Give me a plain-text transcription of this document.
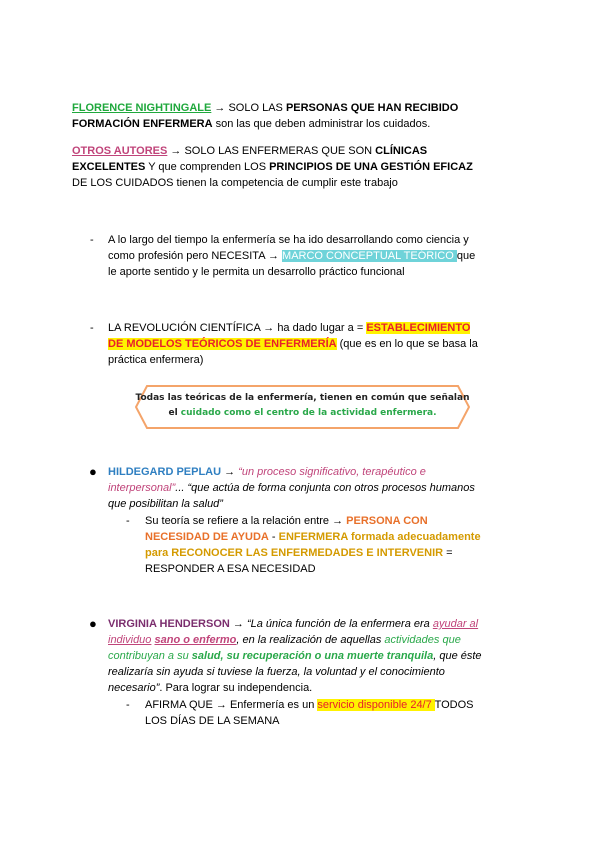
FLORENCE NIGHTINGALE → SOLO LAS PERSONAS QUE HAN RECIBIDO
FORMACIÓN ENFERMERA son las que deben administrar los cuidados.
OTROS AUTORES → SOLO LAS ENFERMERAS QUE SON CLÍNICAS
EXCELENTES Y que comprenden LOS PRINCIPIOS DE UNA GESTIÓN EFICAZ
DE LOS CUIDADOS tienen la competencia de cumplir este trabajo
-	A lo largo del tiempo la enfermería se ha ido desarrollando como ciencia y
como profesión pero NECESITA → MARCO CONCEPTUAL TEÓRICO que
le aporte sentido y le permita un desarrollo práctico funcional
-	LA REVOLUCIÓN CIENTÍFICA → ha dado lugar a = ESTABLECIMIENTO
DE MODELOS TEÓRICOS DE ENFERMERÍA (que es en lo que se basa la
práctica enfermera)
Todas las teóricas de la enfermería, tienen en común que señalan
el cuidado como el centro de la actividad enfermera.
●	HILDEGARD PEPLAU → “un proceso significativo, terapéutico e
interpersonal”... “que actúa de forma conjunta con otros procesos humanos
que posibilitan la salud”
-	Su teoría se refiere a la relación entre → PERSONA CON
NECESIDAD DE AYUDA - ENFERMERA formada adecuadamente
para RECONOCER LAS ENFERMEDADES E INTERVENIR =
RESPONDER A ESA NECESIDAD
●	VIRGINIA HENDERSON → “La única función de la enfermera era ayudar al
individuo sano o enfermo, en la realización de aquellas actividades que
contribuyan a su salud, su recuperación o una muerte tranquila, que éste
realizaría sin ayuda si tuviese la fuerza, la voluntad y el conocimiento
necesario”. Para lograr su independencia.
-	AFIRMA QUE → Enfermería es un servicio disponible 24/7 TODOS
LOS DÍAS DE LA SEMANA
